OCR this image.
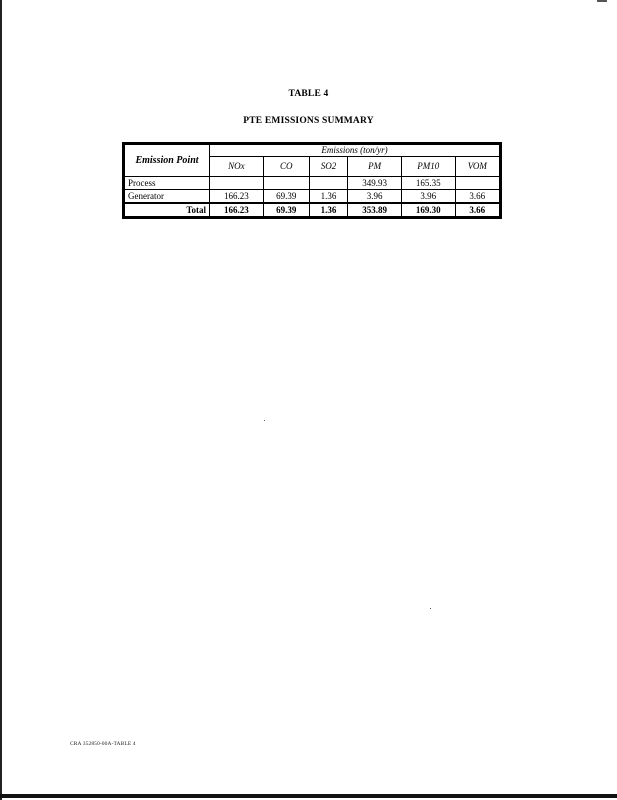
TABLE 4
PTE EMISSIONS SUMMARY
Emission Point	Emissions (ton/yr)					
	NOx	CO	SO2	PM	PM10	VOM
Process				349.93	165.35	
Generator	166.23	69.39	1.36	3.96	3.96	3.66
Total	166.23	69.39	1.36	353.89	169.30	3.66
CRA 352850-00A-TABLE 4
